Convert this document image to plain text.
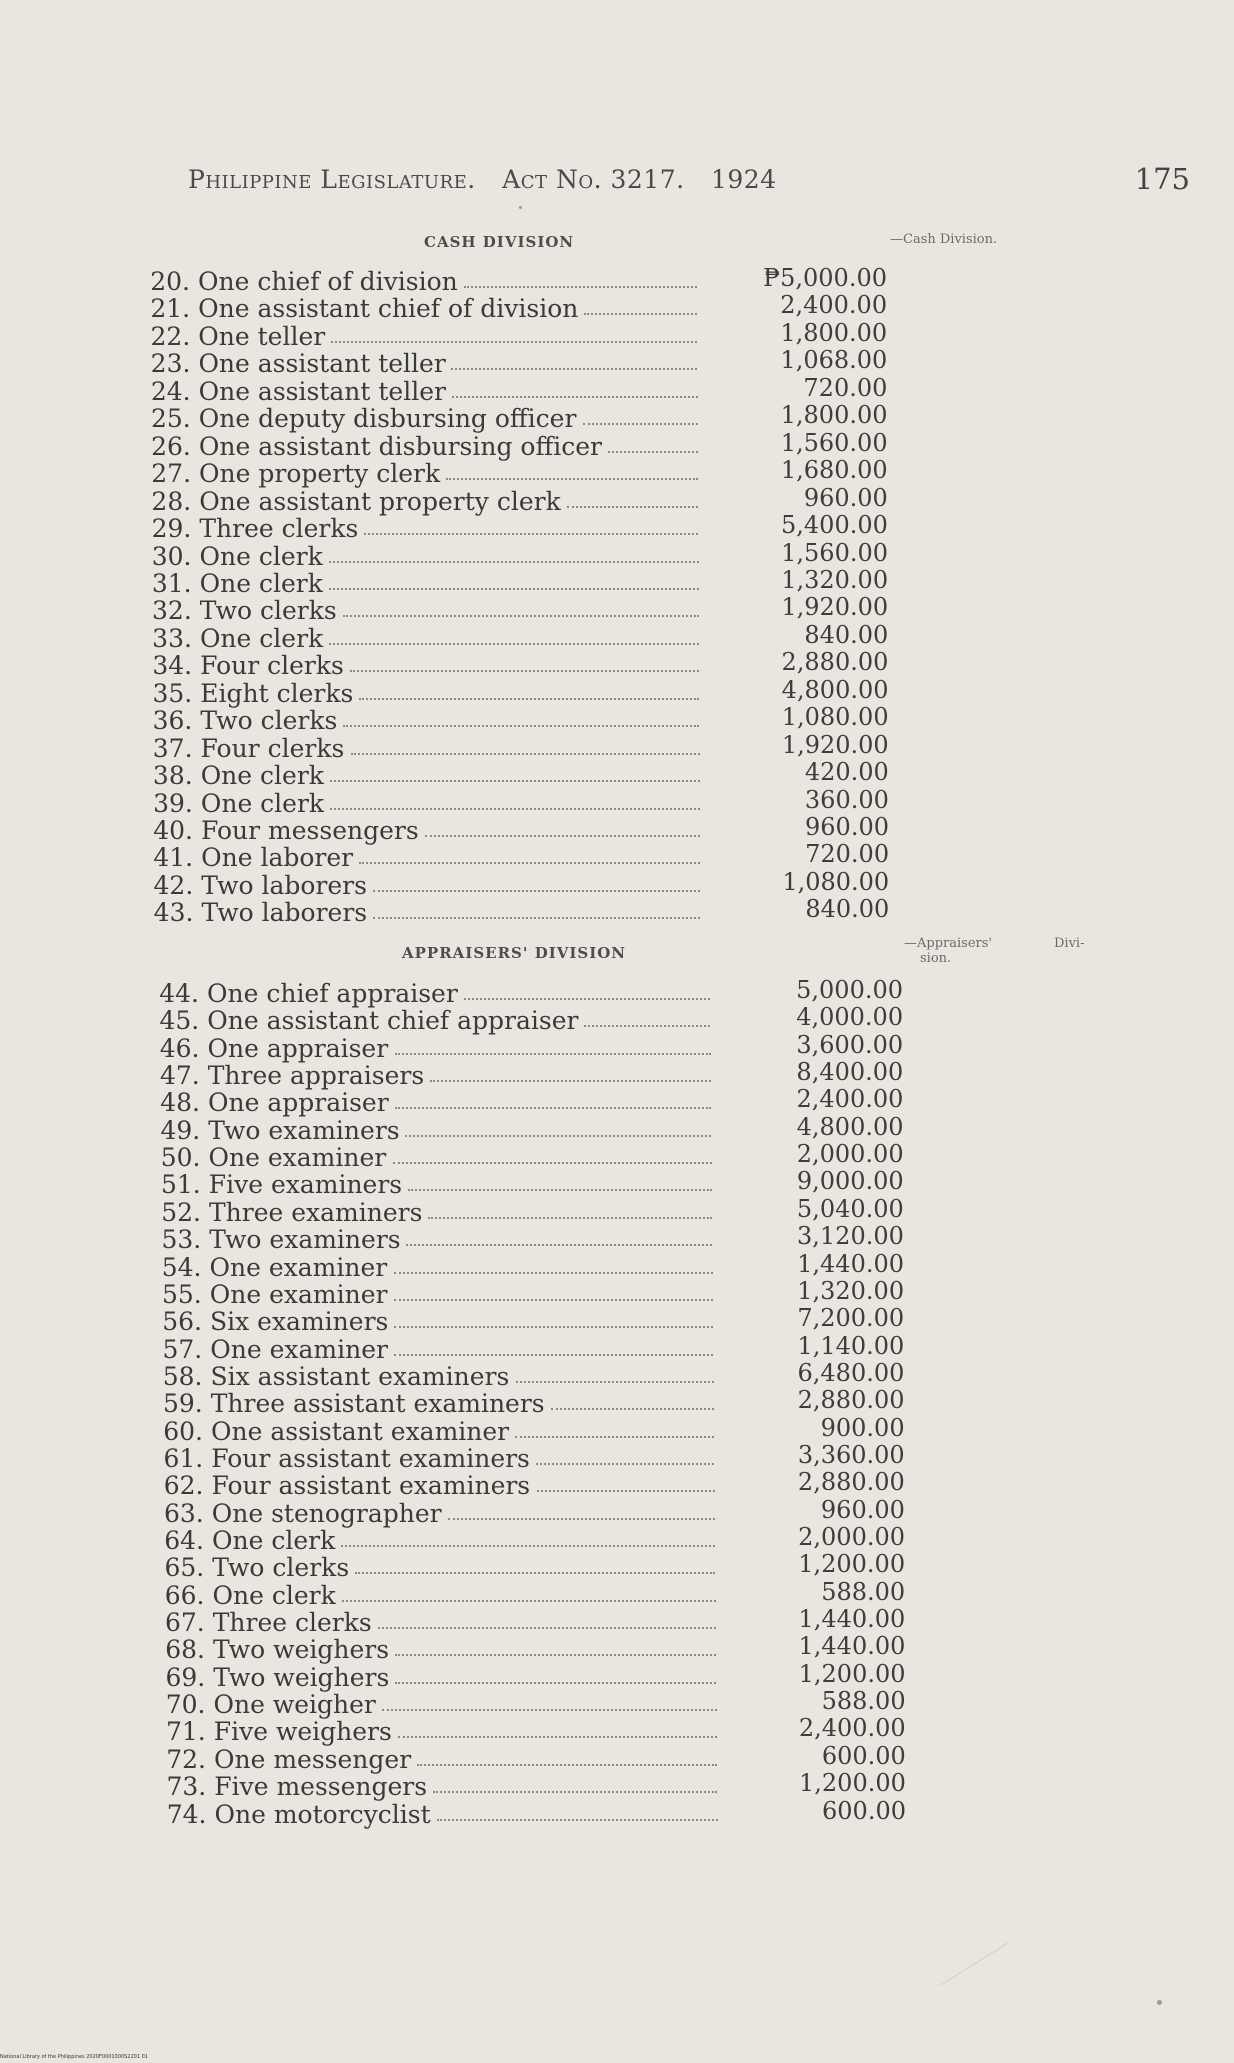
Philippine Legislature. Act No. 3217. 1924	175
CASH DIVISION	—Cash Division.
20. One chief of division	₱5,000.00
21. One assistant chief of division	2,400.00
22. One teller	1,800.00
23. One assistant teller	1,068.00
24. One assistant teller	720.00
25. One deputy disbursing officer	1,800.00
26. One assistant disbursing officer	1,560.00
27. One property clerk	1,680.00
28. One assistant property clerk	960.00
29. Three clerks	5,400.00
30. One clerk	1,560.00
31. One clerk	1,320.00
32. Two clerks	1,920.00
33. One clerk	840.00
34. Four clerks	2,880.00
35. Eight clerks	4,800.00
36. Two clerks	1,080.00
37. Four clerks	1,920.00
38. One clerk	420.00
39. One clerk	360.00
40. Four messengers	960.00
41. One laborer	720.00
42. Two laborers	1,080.00
43. Two laborers	840.00
APPRAISERS' DIVISION
—Appraisers'	Divi-
sion.
44. One chief appraiser	5,000.00
45. One assistant chief appraiser	4,000.00
46. One appraiser	3,600.00
47. Three appraisers	8,400.00
48. One appraiser	2,400.00
49. Two examiners	4,800.00
50. One examiner	2,000.00
51. Five examiners	9,000.00
52. Three examiners	5,040.00
53. Two examiners	3,120.00
54. One examiner	1,440.00
55. One examiner	1,320.00
56. Six examiners	7,200.00
57. One examiner	1,140.00
58. Six assistant examiners	6,480.00
59. Three assistant examiners	2,880.00
60. One assistant examiner	900.00
61. Four assistant examiners	3,360.00
62. Four assistant examiners	2,880.00
63. One stenographer	960.00
64. One clerk	2,000.00
65. Two clerks	1,200.00
66. One clerk	588.00
67. Three clerks	1,440.00
68. Two weighers	1,440.00
69. Two weighers	1,200.00
70. One weigher	588.00
71. Five weighers	2,400.00
72. One messenger	600.00
73. Five messengers	1,200.00
74. One motorcyclist	600.00
National Library of the Philippines 2020F0001000S2201 01
